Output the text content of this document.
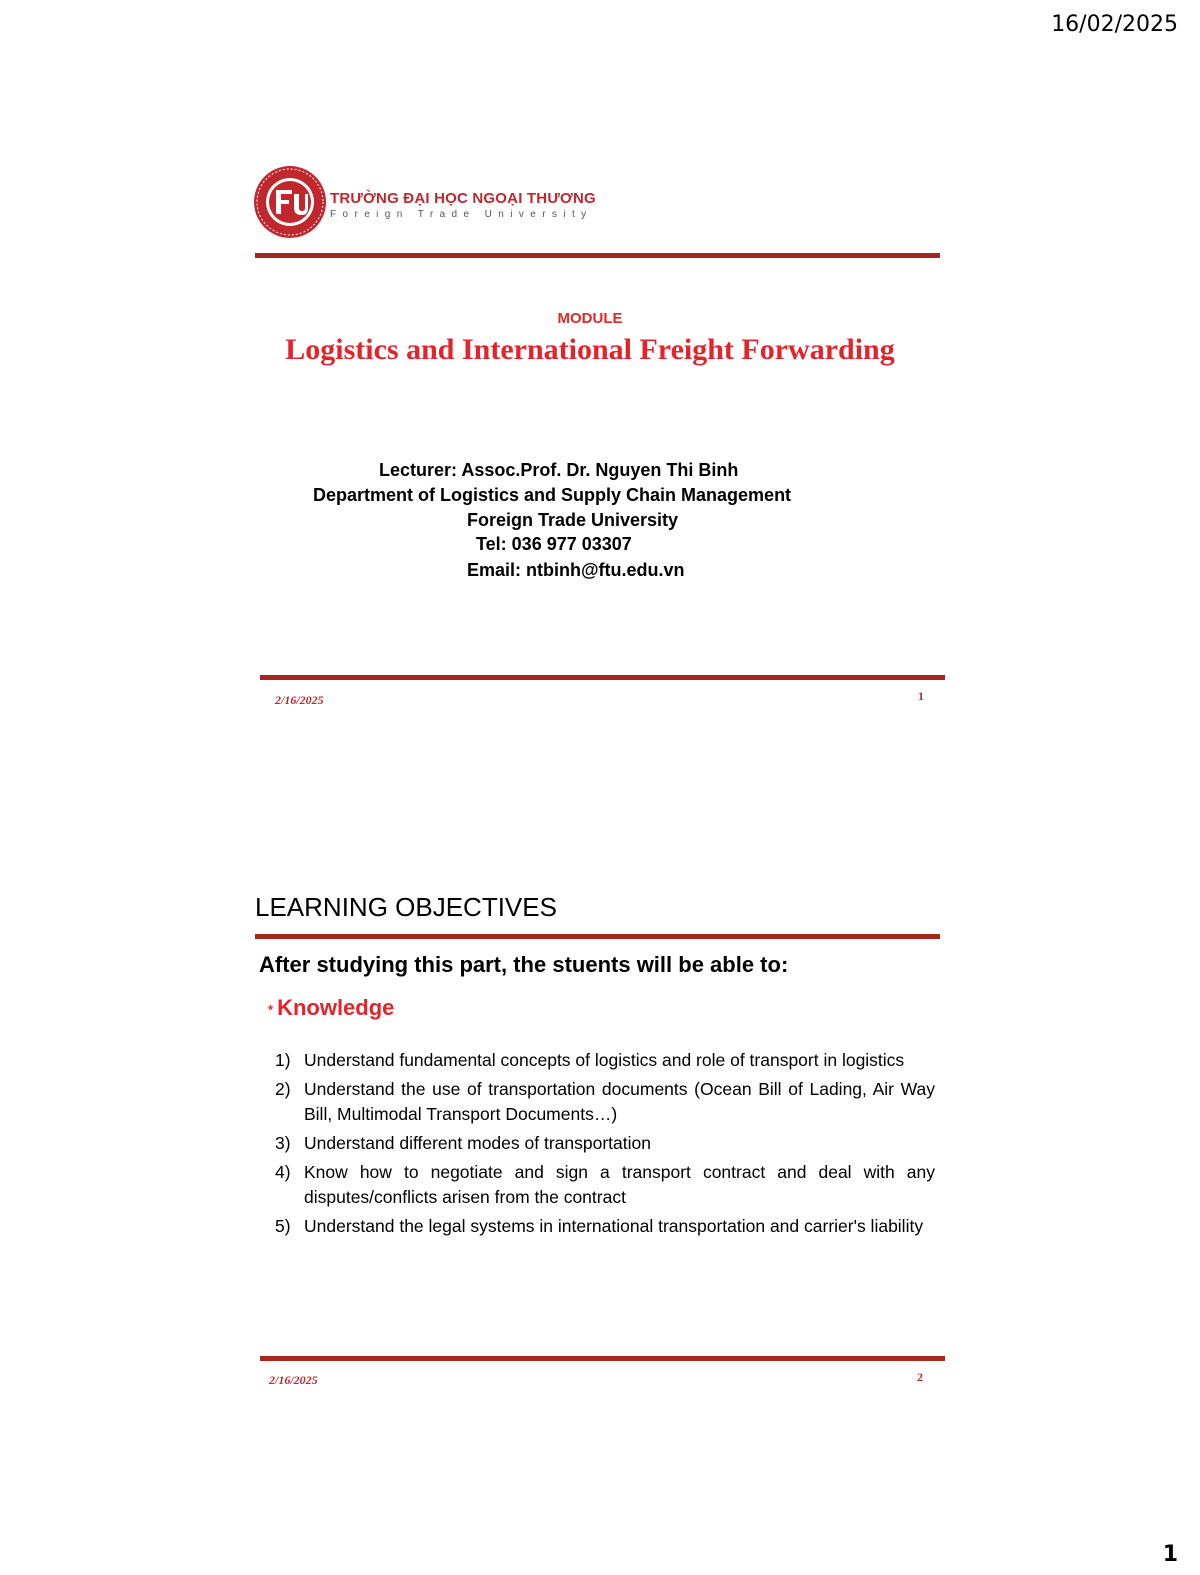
16/02/2025
TRƯỜNG ĐẠI HỌC NGOẠI THƯƠNG
Foreign Trade University
MODULE
Logistics and International Freight Forwarding
Lecturer: Assoc.Prof. Dr. Nguyen Thi Binh
Department of Logistics and Supply Chain Management
Foreign Trade University
Tel: 036 977 03307
Email: ntbinh@ftu.edu.vn
2/16/2025	1
LEARNING OBJECTIVES
After studying this part, the stuents will be able to:
* Knowledge
1) Understand fundamental concepts of logistics and role of transport in logistics
2) Understand the use of transportation documents (Ocean Bill of Lading, Air Way Bill, Multimodal Transport Documents…)
3) Understand different modes of transportation
4) Know how to negotiate and sign a transport contract and deal with any disputes/conflicts arisen from the contract
5) Understand the legal systems in international transportation and carrier's liability
2/16/2025	2
1
